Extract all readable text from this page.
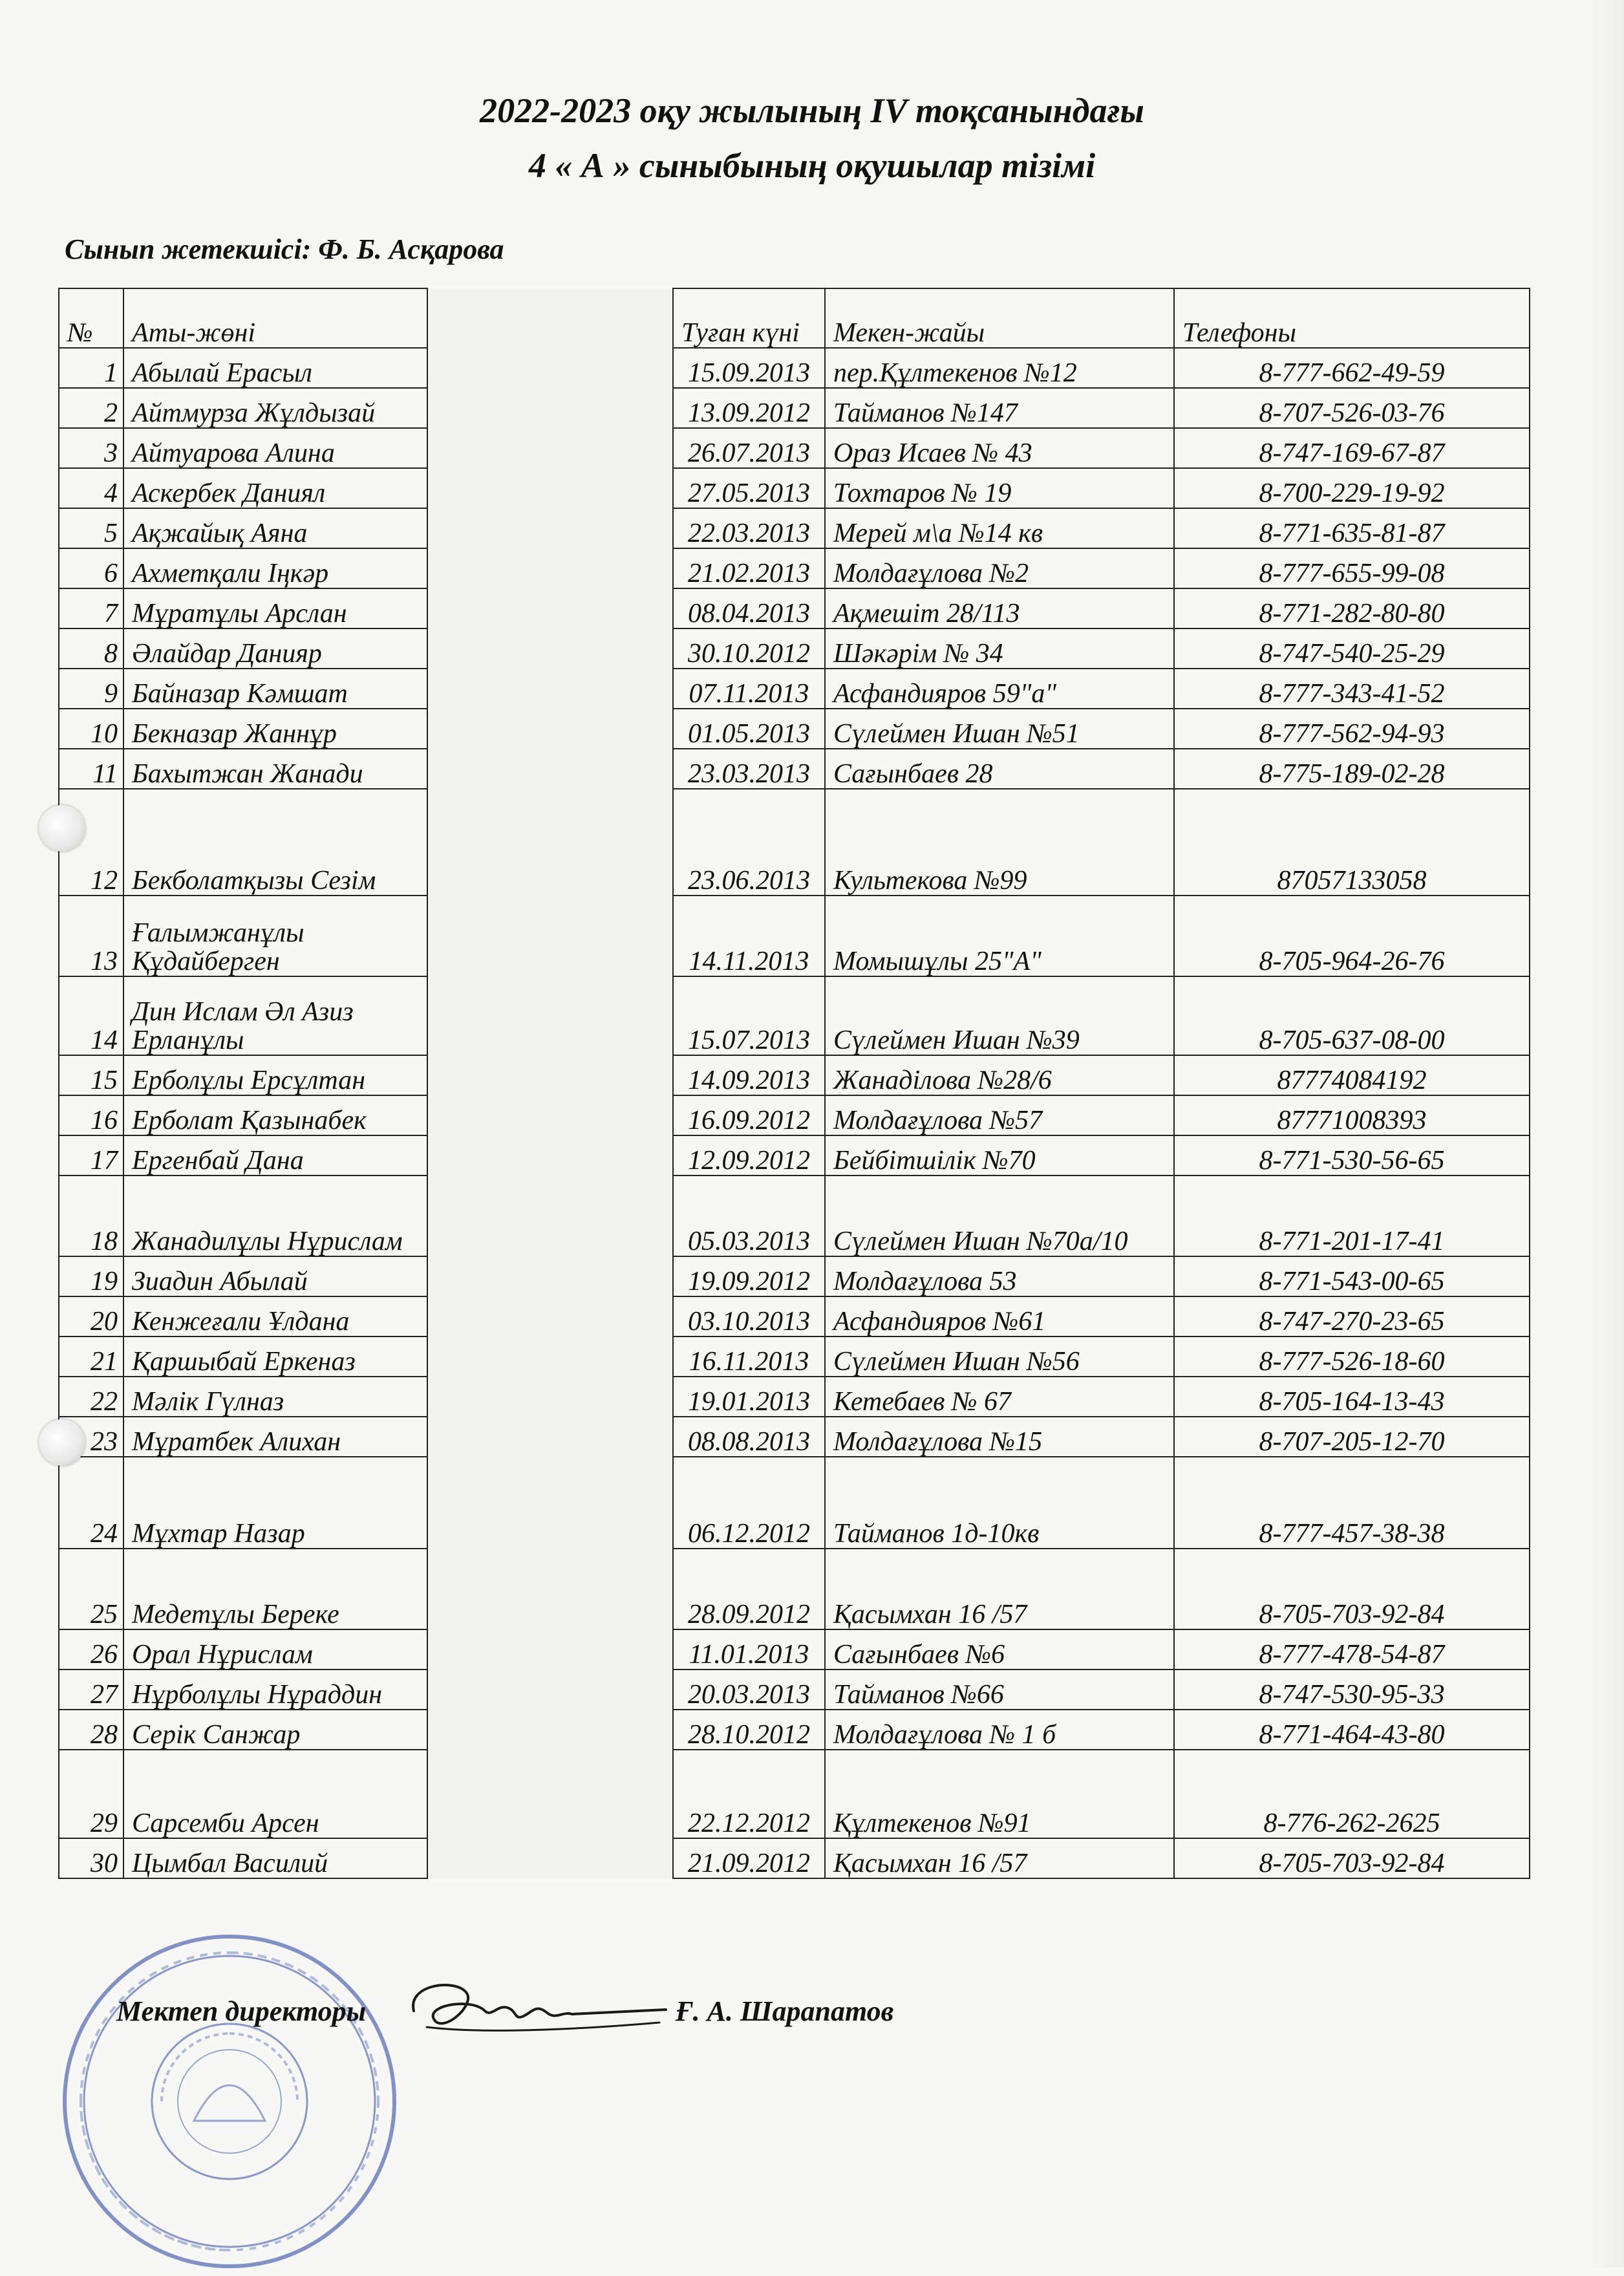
2022-2023 оқу жылының IV тоқсанындағы
4 « А » сыныбының оқушылар тізімі
Сынып жетекшісі: Ф. Б. Асқарова
№	Аты-жөні		Туған күні	Мекен-жайы	Телефоны
1	Абылай Ерасыл		15.09.2013	пер.Құлтекенов №12	8-777-662-49-59
2	Айтмурза Жұлдызай		13.09.2012	Тайманов №147	8-707-526-03-76
3	Айтуарова Алина		26.07.2013	Ораз Исаев № 43	8-747-169-67-87
4	Аскербек Даниял		27.05.2013	Тохтаров № 19	8-700-229-19-92
5	Ақжайық Аяна		22.03.2013	Мерей м\а №14 кв	8-771-635-81-87
6	Ахметқали Іңкәр		21.02.2013	Молдағұлова №2	8-777-655-99-08
7	Мұратұлы Арслан		08.04.2013	Ақмешіт 28/113	8-771-282-80-80
8	Әлайдар Данияр		30.10.2012	Шәкәрім № 34	8-747-540-25-29
9	Байназар Кәмшат		07.11.2013	Асфандияров 59"а"	8-777-343-41-52
10	Бекназар Жаннұр		01.05.2013	Сүлеймен Ишан №51	8-777-562-94-93
11	Бахытжан Жанади		23.03.2013	Сағынбаев 28	8-775-189-02-28
12	Бекболатқызы Сезім		23.06.2013	Культекова №99	87057133058
13	Ғалымжанұлы Құдайберген		14.11.2013	Момышұлы 25"А"	8-705-964-26-76
14	Дин Ислам Әл Азиз Ерланұлы		15.07.2013	Сүлеймен Ишан №39	8-705-637-08-00
15	Ерболұлы Ерсұлтан		14.09.2013	Жанадiлова №28/6	87774084192
16	Ерболат Қазынабек		16.09.2012	Молдағұлова №57	87771008393
17	Ергенбай Дана		12.09.2012	Бейбітшілік №70	8-771-530-56-65
18	Жанадилұлы Нұрислам		05.03.2013	Сүлеймен Ишан №70а/10	8-771-201-17-41
19	Зиадин Абылай		19.09.2012	Молдағұлова 53	8-771-543-00-65
20	Кенжеғали Ұлдана		03.10.2013	Асфандияров №61	8-747-270-23-65
21	Қаршыбай Еркеназ		16.11.2013	Сүлеймен Ишан №56	8-777-526-18-60
22	Мәлік Гүлназ		19.01.2013	Кетебаев № 67	8-705-164-13-43
23	Мұратбек Алихан		08.08.2013	Молдағұлова №15	8-707-205-12-70
24	Мұхтар Назар		06.12.2012	Тайманов 1д-10кв	8-777-457-38-38
25	Медетұлы Береке		28.09.2012	Қасымхан 16 /57	8-705-703-92-84
26	Орал Нұрислам		11.01.2013	Сағынбаев №6	8-777-478-54-87
27	Нұрболұлы Нұраддин		20.03.2013	Тайманов №66	8-747-530-95-33
28	Серік Санжар		28.10.2012	Молдағұлова № 1 б	8-771-464-43-80
29	Сарсемби Арсен		22.12.2012	Құлтекенов №91	8-776-262-2625
30	Цымбал Василий		21.09.2012	Қасымхан 16 /57	8-705-703-92-84
Мектеп директоры	Ғ. А. Шарапатов
